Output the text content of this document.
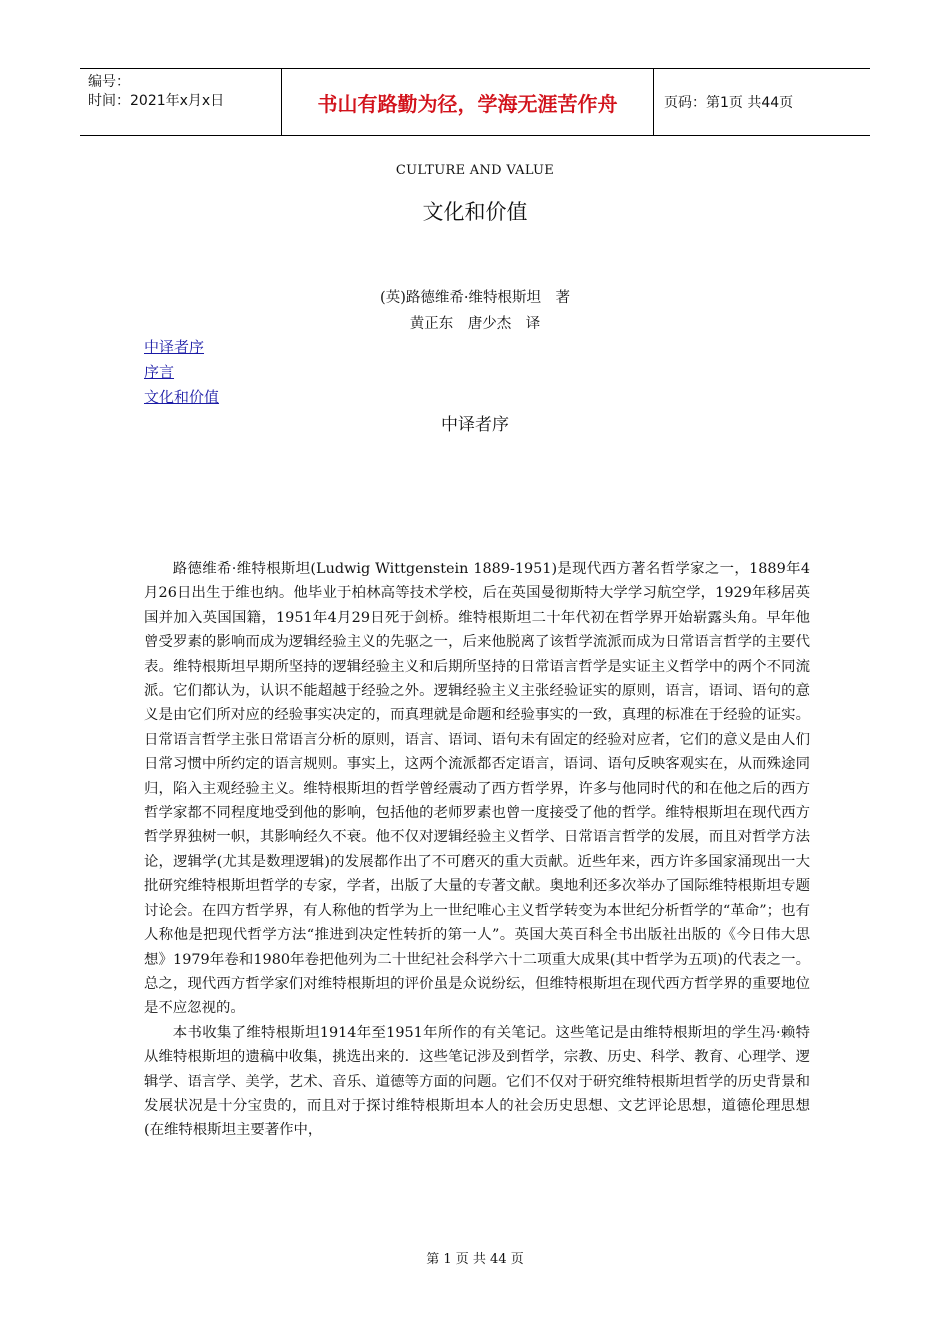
编号：
时间：2021年x月x日	书山有路勤为径，学海无涯苦作舟	页码：第1页 共44页
CULTURE AND VALUE
文化和价值
(英)路德维希·维特根斯坦　著
黄正东　唐少杰　译
中译者序
序言
文化和价值
中译者序

路德维希·维特根斯坦(Ludwig Wittgenstein 1889-1951)是现代西方著名哲学家之一，1889年4月26日出生于维也纳。他毕业于柏林高等技术学校，后在英国曼彻斯特大学学习航空学，1929年移居英国并加入英国国籍，1951年4月29日死于剑桥。维特根斯坦二十年代初在哲学界开始崭露头角。早年他曾受罗素的影响而成为逻辑经验主义的先驱之一，后来他脱离了该哲学流派而成为日常语言哲学的主要代表。维特根斯坦早期所坚持的逻辑经验主义和后期所坚持的日常语言哲学是实证主义哲学中的两个不同流派。它们都认为，认识不能超越于经验之外。逻辑经验主义主张经验证实的原则，语言，语词、语句的意义是由它们所对应的经验事实决定的，而真理就是命题和经验事实的一致，真理的标准在于经验的证实。日常语言哲学主张日常语言分析的原则，语言、语词、语句未有固定的经验对应者，它们的意义是由人们日常习惯中所约定的语言规则。事实上，这两个流派都否定语言，语词、语句反映客观实在，从而殊途同归，陷入主观经验主义。维特根斯坦的哲学曾经震动了西方哲学界，许多与他同时代的和在他之后的西方哲学家都不同程度地受到他的影响，包括他的老师罗素也曾一度接受了他的哲学。维特根斯坦在现代西方哲学界独树一帜，其影响经久不衰。他不仅对逻辑经验主义哲学、日常语言哲学的发展，而且对哲学方法论，逻辑学(尤其是数理逻辑)的发展都作出了不可磨灭的重大贡献。近些年来，西方许多国家涌现出一大批研究维特根斯坦哲学的专家，学者，出版了大量的专著文献。奥地利还多次举办了国际维特根斯坦专题讨论会。在四方哲学界，有人称他的哲学为上一世纪唯心主义哲学转变为本世纪分析哲学的“革命”；也有人称他是把现代哲学方法“推进到决定性转折的第一人”。英国大英百科全书出版社出版的《今日伟大思想》1979年卷和1980年卷把他列为二十世纪社会科学六十二项重大成果(其中哲学为五项)的代表之一。总之，现代西方哲学家们对维特根斯坦的评价虽是众说纷纭，但维特根斯坦在现代西方哲学界的重要地位是不应忽视的。

本书收集了维特根斯坦1914年至1951年所作的有关笔记。这些笔记是由维特根斯坦的学生冯·赖特从维特根斯坦的遗稿中收集，挑选出来的．这些笔记涉及到哲学，宗教、历史、科学、教育、心理学、逻辑学、语言学、美学，艺术、音乐、道德等方面的问题。它们不仅对于研究维特根斯坦哲学的历史背景和发展状况是十分宝贵的，而且对于探讨维特根斯坦本人的社会历史思想、文艺评论思想，道德伦理思想(在维特根斯坦主要著作中，

第 1 页 共 44 页
